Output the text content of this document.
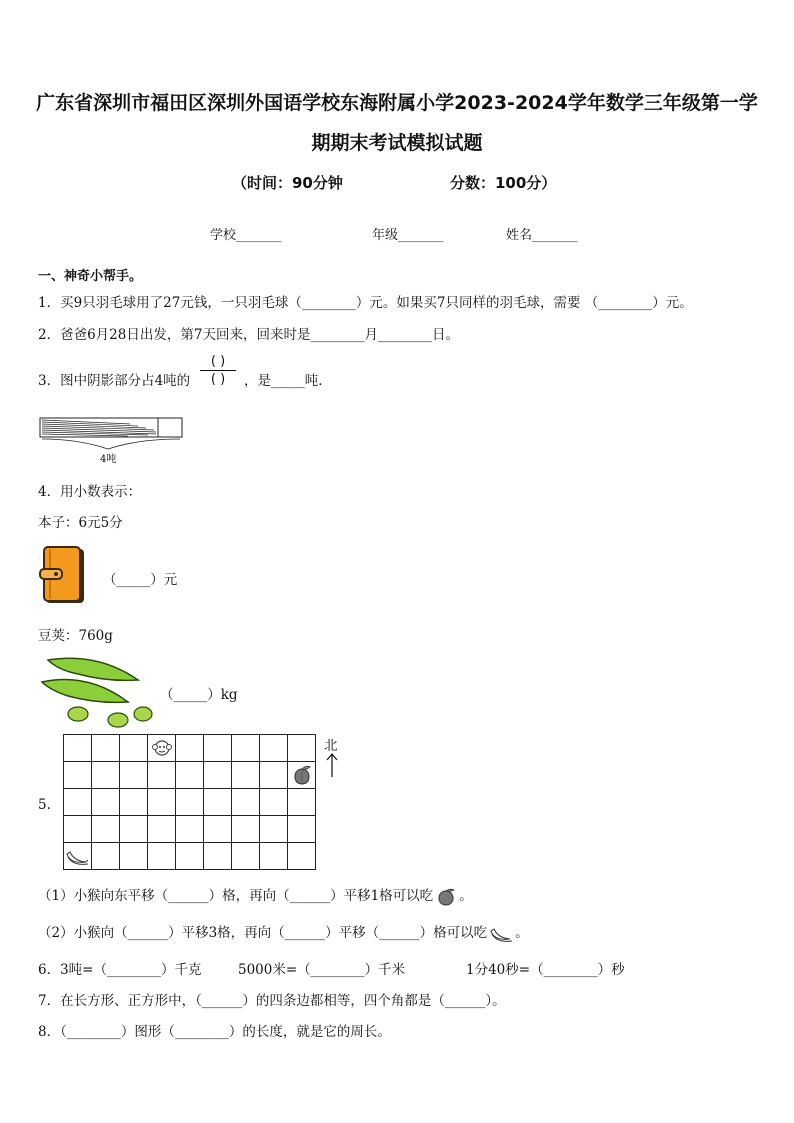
广东省深圳市福田区深圳外国语学校东海附属小学2023-2024学年数学三年级第一学
期期末考试模拟试题
（时间：90分钟	分数：100分）
学校_______	年级_______	姓名_______
一、神奇小帮手。
1．买9只羽毛球用了27元钱，一只羽毛球（________）元。如果买7只同样的羽毛球，需要 （________）元。
2．爸爸6月28日出发，第7天回来，回来时是________月________日。
3．图中阴影部分占4吨的
( )
( )	，是_____吨．
4吨
4．用小数表示：
本子：6元5分
（_____）元
豆荚：760g
（_____）kg
5.

北
（1）小猴向东平移（______）格，再向（______）平移1格可以吃 。
（2）小猴向（______）平移3格，再向（______）平移（______）格可以吃 。
6．3吨=（________）千克	5000米=（________）千米	1分40秒=（________）秒
7．在长方形、正方形中，（______）的四条边都相等，四个角都是（______）。
8．（________）图形（________）的长度，就是它的周长。
